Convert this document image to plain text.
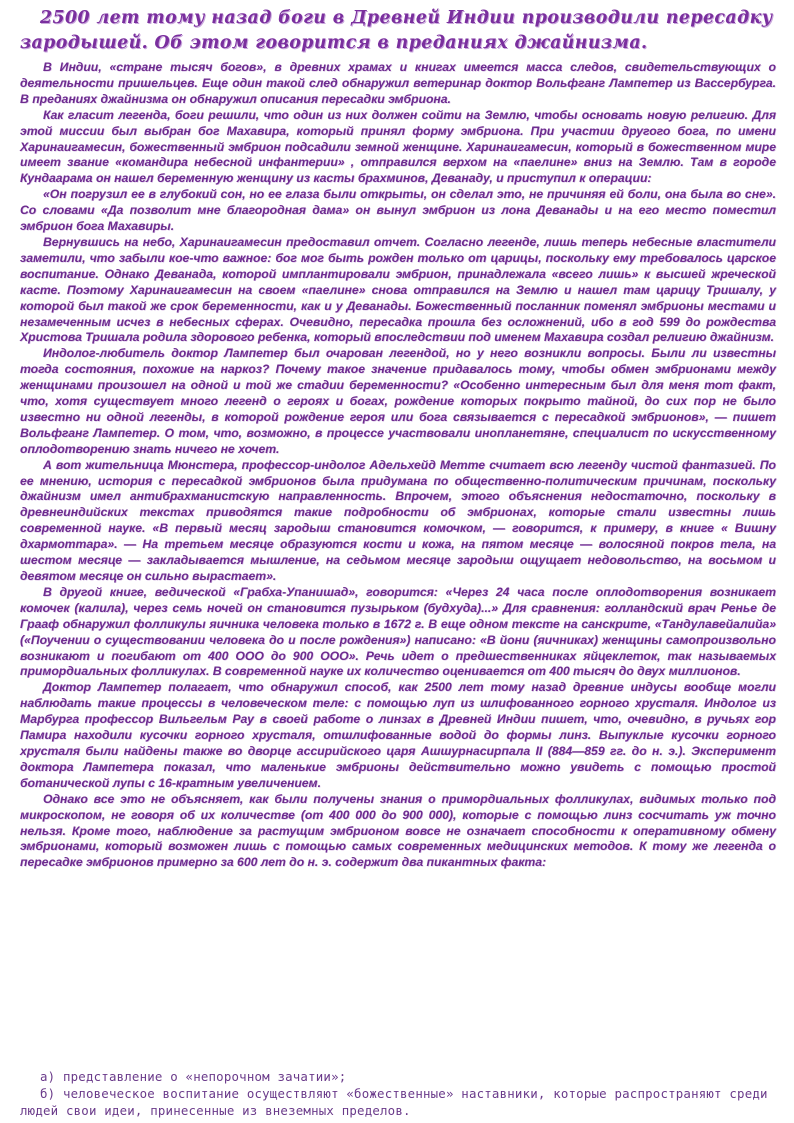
2500 лет тому назад боги в Древней Индии производили пересадку зародышей. Об этом говорится в преданиях джайнизма.

В Индии, «стране тысяч богов», в древних храмах и книгах имеется масса следов, свидетельствующих о деятельности пришельцев. Еще один такой след обнаружил ветеринар доктор Вольфганг Лампетер из Вассербурга. В преданиях джайнизма он обнаружил описания пересадки эмбриона.

Как гласит легенда, боги решили, что один из них должен сойти на Землю, чтобы основать новую религию. Для этой миссии был выбран бог Махавира, который принял форму эмбриона. При участии другого бога, по имени Харинаигамесин, божественный эмбрион подсадили земной женщине. Харинаигамесин, который в божественном мире имеет звание «командира небесной инфантерии» , отправился верхом на «паелине» вниз на Землю. Там в городе Кундаарама он нашел беременную женщину из касты брахминов, Деванаду, и приступил к операции:

«Он погрузил ее в глубокий сон, но ее глаза были открыты, он сделал это, не причиняя ей боли, она была во сне». Со словами «Да позволит мне благородная дама» он вынул эмбрион из лона Деванады и на его место поместил эмбрион бога Махавиры.

Вернувшись на небо, Харинаигамесин предоставил отчет. Согласно легенде, лишь теперь небесные властители заметили, что забыли кое-что важное: бог мог быть рожден только от царицы, поскольку ему требовалось царское воспитание. Однако Деванада, которой имплантировали эмбрион, принадлежала «всего лишь» к высшей жреческой касте. Поэтому Харинаигамесин на своем «паелине» снова отправился на Землю и нашел там царицу Тришалу, у которой был такой же срок беременности, как и у Деванады. Божественный посланник поменял эмбрионы местами и незамеченным исчез в небесных сферах. Очевидно, пересадка прошла без осложнений, ибо в год 599 до рождества Христова Тришала родила здорового ребенка, который впоследствии под именем Махавира создал религию джайнизм.

Индолог-любитель доктор Лампетер был очарован легендой, но у него возникли вопросы. Были ли известны тогда состояния, похожие на наркоз? Почему такое значение придавалось тому, чтобы обмен эмбрионами между женщинами произошел на одной и той же стадии беременности? «Особенно интересным был для меня тот факт, что, хотя существует много легенд о героях и богах, рождение которых покрыто тайной, до сих пор не было известно ни одной легенды, в которой рождение героя или бога связывается с пересадкой эмбрионов», — пишет Вольфганг Лампетер. О том, что, возможно, в процессе участвовали инопланетяне, специалист по искусственному оплодотворению знать ничего не хочет.

А вот жительница Мюнстера, профессор-индолог Адельхейд Метте считает всю легенду чистой фантазией. По ее мнению, история с пересадкой эмбрионов была придумана по общественно-политическим причинам, поскольку джайнизм имел антибрахманистскую направленность. Впрочем, этого объяснения недостаточно, поскольку в древнеиндийских текстах приводятся такие подробности об эмбрионах, которые стали известны лишь современной науке. «В первый месяц зародыш становится комочком, — говорится, к примеру, в книге « Вишну дхармоттара». — На третьем месяце образуются кости и кожа, на пятом месяце — волосяной покров тела, на шестом месяце — закладывается мышление, на седьмом месяце зародыш ощущает недовольство, на восьмом и девятом месяце он сильно вырастает».

В другой книге, ведической «Грабха-Упанишад», говорится: «Через 24 часа после оплодотворения возникает комочек (калила), через семь ночей он становится пузырьком (будхуда)...» Для сравнения: голландский врач Ренье де Грааф обнаружил фолликулы яичника человека только в 1672 г. В еще одном тексте на санскрите, «Тандулавейалийа» («Поучении о существовании человека до и после рождения») написано: «В йони (яичниках) женщины самопроизвольно возникают и погибают от 400 ООО до 900 ООО». Речь идет о предшественниках яйцеклеток, так называемых примордиальных фолликулах. В современной науке их количество оценивается от 400 тысяч до двух миллионов.

Доктор Лампетер полагает, что обнаружил способ, как 2500 лет тому назад древние индусы вообще могли наблюдать такие процессы в человеческом теле: с помощью луп из шлифованного горного хрусталя. Индолог из Марбурга профессор Вильгельм Рау в своей работе о линзах в Древней Индии пишет, что, очевидно, в ручьях гор Памира находили кусочки горного хрусталя, отшлифованные водой до формы линз. Выпуклые кусочки горного хрусталя были найдены также во дворце ассирийского царя Ашшурнасирпала II (884—859 гг. до н. э.). Эксперимент доктора Лампетера показал, что маленькие эмбрионы действительно можно увидеть с помощью простой ботанической лупы с 16-кратным увеличением.

Однако все это не объясняет, как были получены знания о примордиальных фолликулах, видимых только под микроскопом, не говоря об их количестве (от 400 000 до 900 000), которые с помощью линз сосчитать уж точно нельзя. Кроме того, наблюдение за растущим эмбрионом вовсе не означает способности к оперативному обмену эмбрионами, который возможен лишь с помощью самых современных медицинских методов. К тому же легенда о пересадке эмбрионов примерно за 600 лет до н. э. содержит два пикантных факта:

а) представление о «непорочном зачатии»;

б) человеческое воспитание осуществляют «божественные» наставники, которые распространяют среди людей свои идеи, принесенные из внеземных пределов.
